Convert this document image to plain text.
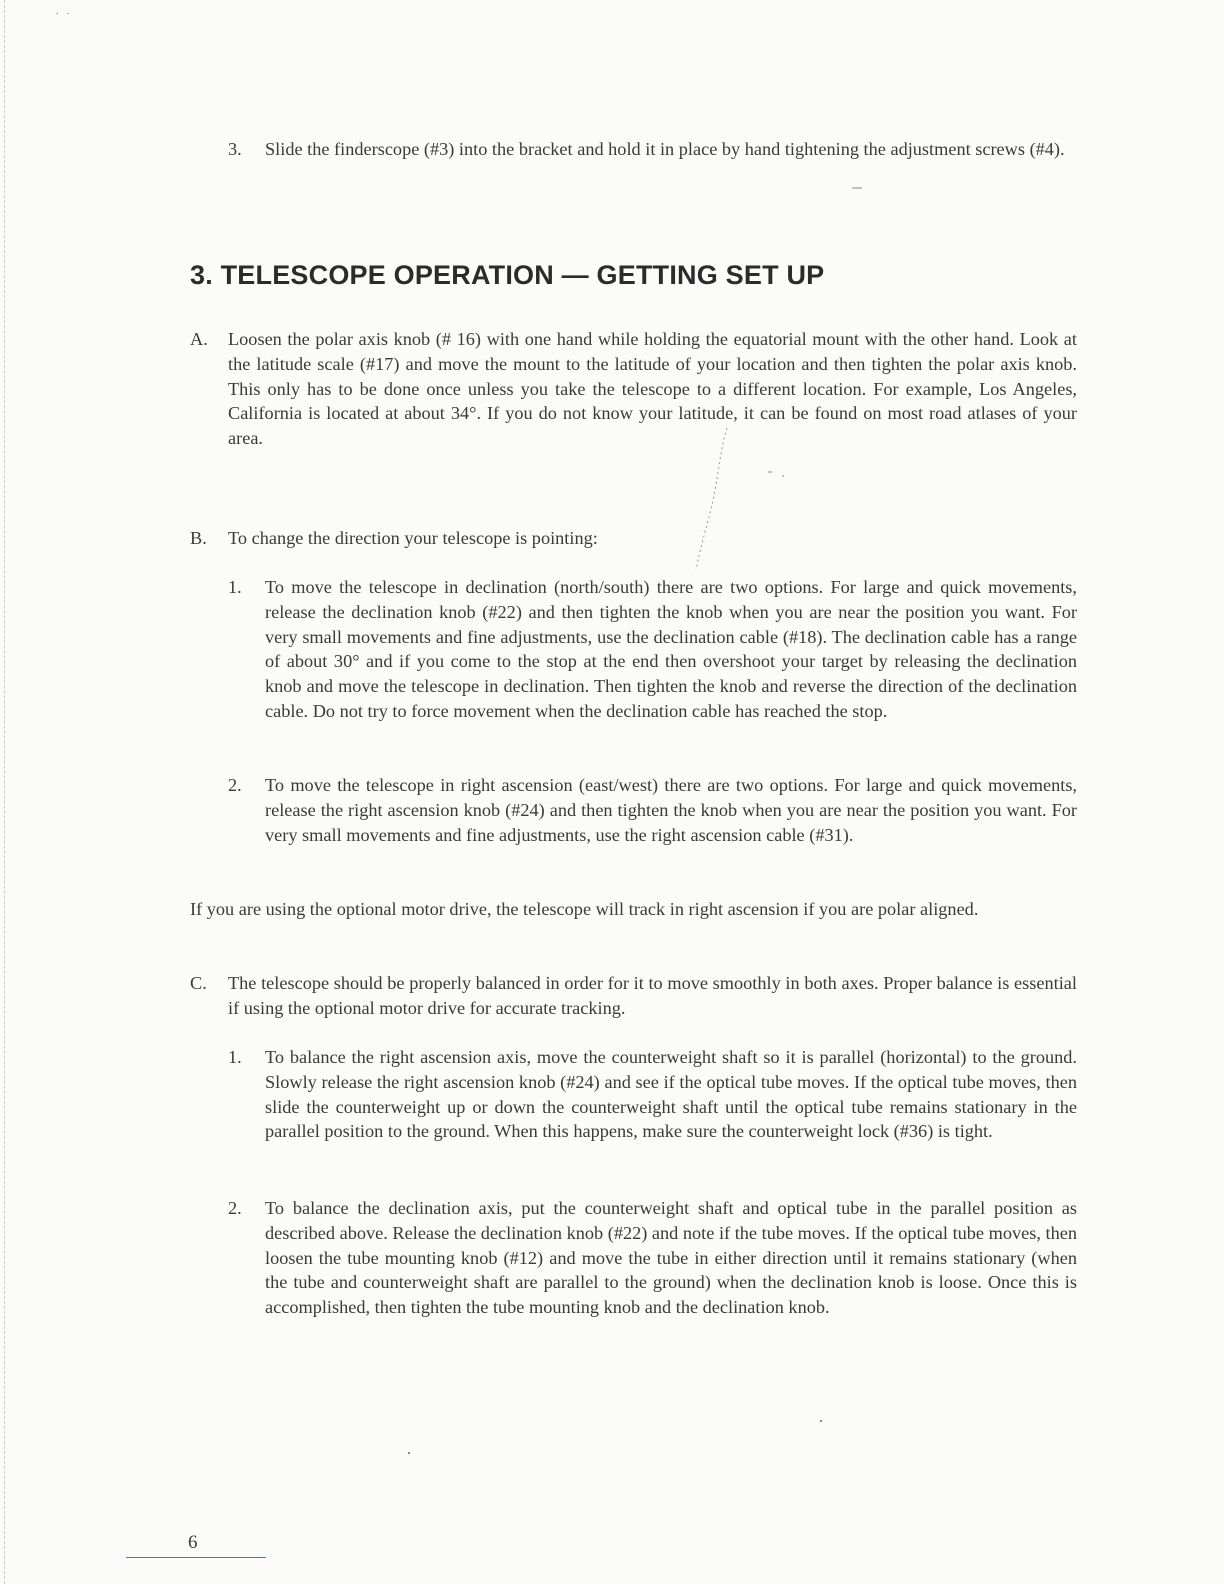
. .
3. Slide the finderscope (#3) into the bracket and hold it in place by hand tightening the adjustment screws (#4).

3. TELESCOPE OPERATION — GETTING SET UP
A. Loosen the polar axis knob (# 16) with one hand while holding the equatorial mount with the other hand. Look at the latitude scale (#17) and move the mount to the latitude of your location and then tighten the polar axis knob. This only has to be done once unless you take the telescope to a different location. For example, Los Angeles, California is located at about 34°. If you do not know your latitude, it can be found on most road atlases of your area.

B. To change the direction your telescope is pointing:

1. To move the telescope in declination (north/south) there are two options. For large and quick movements, release the declination knob (#22) and then tighten the knob when you are near the position you want. For very small movements and fine adjustments, use the declination cable (#18). The declination cable has a range of about 30° and if you come to the stop at the end then overshoot your target by releasing the declination knob and move the telescope in declination. Then tighten the knob and reverse the direction of the declination cable. Do not try to force movement when the declination cable has reached the stop.

2. To move the telescope in right ascension (east/west) there are two options. For large and quick movements, release the right ascension knob (#24) and then tighten the knob when you are near the position you want. For very small movements and fine adjustments, use the right ascension cable (#31).

If you are using the optional motor drive, the telescope will track in right ascension if you are polar aligned.

C. The telescope should be properly balanced in order for it to move smoothly in both axes. Proper balance is essential if using the optional motor drive for accurate tracking.

1. To balance the right ascension axis, move the counterweight shaft so it is parallel (horizontal) to the ground. Slowly release the right ascension knob (#24) and see if the optical tube moves. If the optical tube moves, then slide the counterweight up or down the counterweight shaft until the optical tube remains stationary in the parallel position to the ground. When this happens, make sure the counterweight lock (#36) is tight.

2. To balance the declination axis, put the counterweight shaft and optical tube in the parallel position as described above. Release the declination knob (#22) and note if the tube moves. If the optical tube moves, then loosen the tube mounting knob (#12) and move the tube in either direction until it remains stationary (when the tube and counterweight shaft are parallel to the ground) when the declination knob is loose. Once this is accomplished, then tighten the tube mounting knob and the declination knob.

6
